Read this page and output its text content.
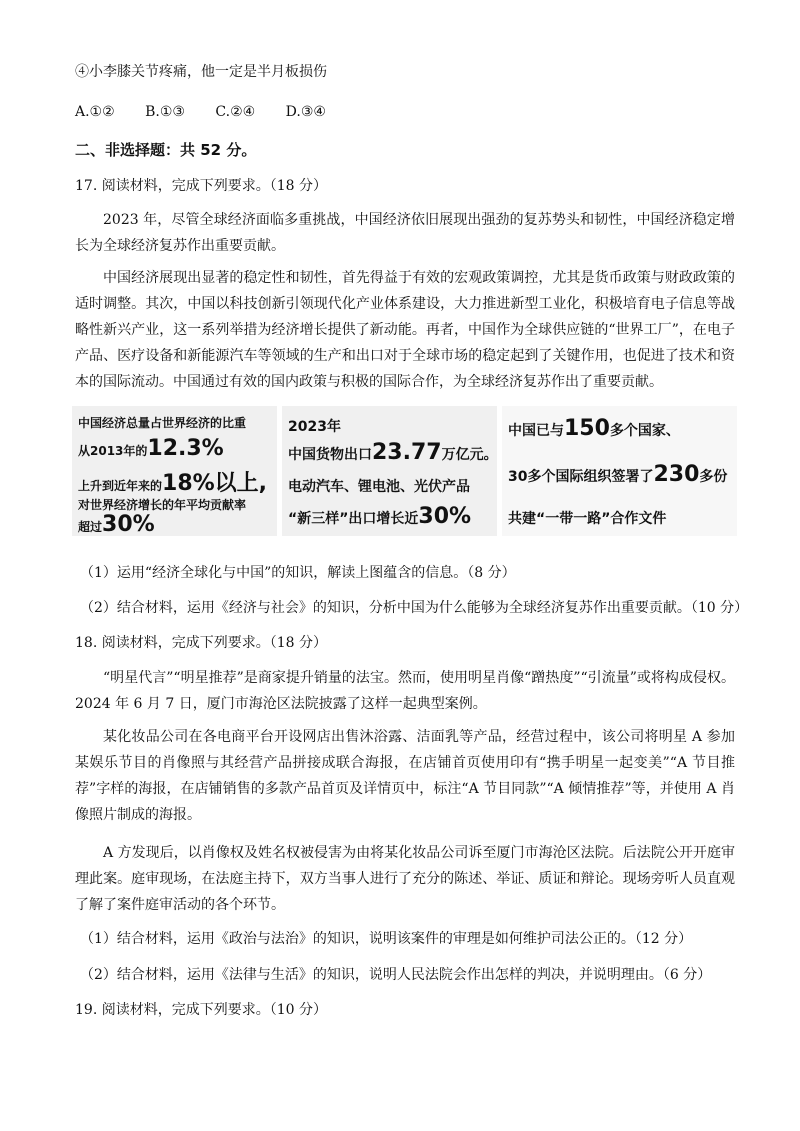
④小李膝关节疼痛，他一定是半月板损伤
A.①② B.①③ C.②④ D.③④
二、非选择题：共 52 分。
17. 阅读材料，完成下列要求。（18 分）
2023 年，尽管全球经济面临多重挑战，中国经济依旧展现出强劲的复苏势头和韧性，中国经济稳定增长为全球经济复苏作出重要贡献。
中国经济展现出显著的稳定性和韧性，首先得益于有效的宏观政策调控，尤其是货币政策与财政政策的适时调整。其次，中国以科技创新引领现代化产业体系建设，大力推进新型工业化，积极培育电子信息等战略性新兴产业，这一系列举措为经济增长提供了新动能。再者，中国作为全球供应链的“世界工厂”，在电子产品、医疗设备和新能源汽车等领域的生产和出口对于全球市场的稳定起到了关键作用，也促进了技术和资本的国际流动。中国通过有效的国内政策与积极的国际合作，为全球经济复苏作出了重要贡献。
中国经济总量占世界经济的比重
从2013年的12.3%
上升到近年来的18%以上,
对世界经济增长的年平均贡献率
超过30%
2023年
中国货物出口23.77万亿元。
电动汽车、锂电池、光伏产品
“新三样”出口增长近30%
中国已与150多个国家、
30多个国际组织签署了230多份
共建“一带一路”合作文件
（1）运用“经济全球化与中国”的知识，解读上图蕴含的信息。（8 分）
（2）结合材料，运用《经济与社会》的知识，分析中国为什么能够为全球经济复苏作出重要贡献。（10 分）
18. 阅读材料，完成下列要求。（18 分）
“明星代言”“明星推荐”是商家提升销量的法宝。然而，使用明星肖像“蹭热度”“引流量”或将构成侵权。2024 年 6 月 7 日，厦门市海沧区法院披露了这样一起典型案例。
某化妆品公司在各电商平台开设网店出售沐浴露、洁面乳等产品，经营过程中，该公司将明星 A 参加某娱乐节目的肖像照与其经营产品拼接成联合海报，在店铺首页使用印有“携手明星一起变美”“A 节目推荐”字样的海报，在店铺销售的多款产品首页及详情页中，标注“A 节目同款”“A 倾情推荐”等，并使用 A 肖像照片制成的海报。
A 方发现后，以肖像权及姓名权被侵害为由将某化妆品公司诉至厦门市海沧区法院。后法院公开开庭审理此案。庭审现场，在法庭主持下，双方当事人进行了充分的陈述、举证、质证和辩论。现场旁听人员直观了解了案件庭审活动的各个环节。
（1）结合材料，运用《政治与法治》的知识，说明该案件的审理是如何维护司法公正的。（12 分）
（2）结合材料，运用《法律与生活》的知识，说明人民法院会作出怎样的判决，并说明理由。（6 分）
19. 阅读材料，完成下列要求。（10 分）
